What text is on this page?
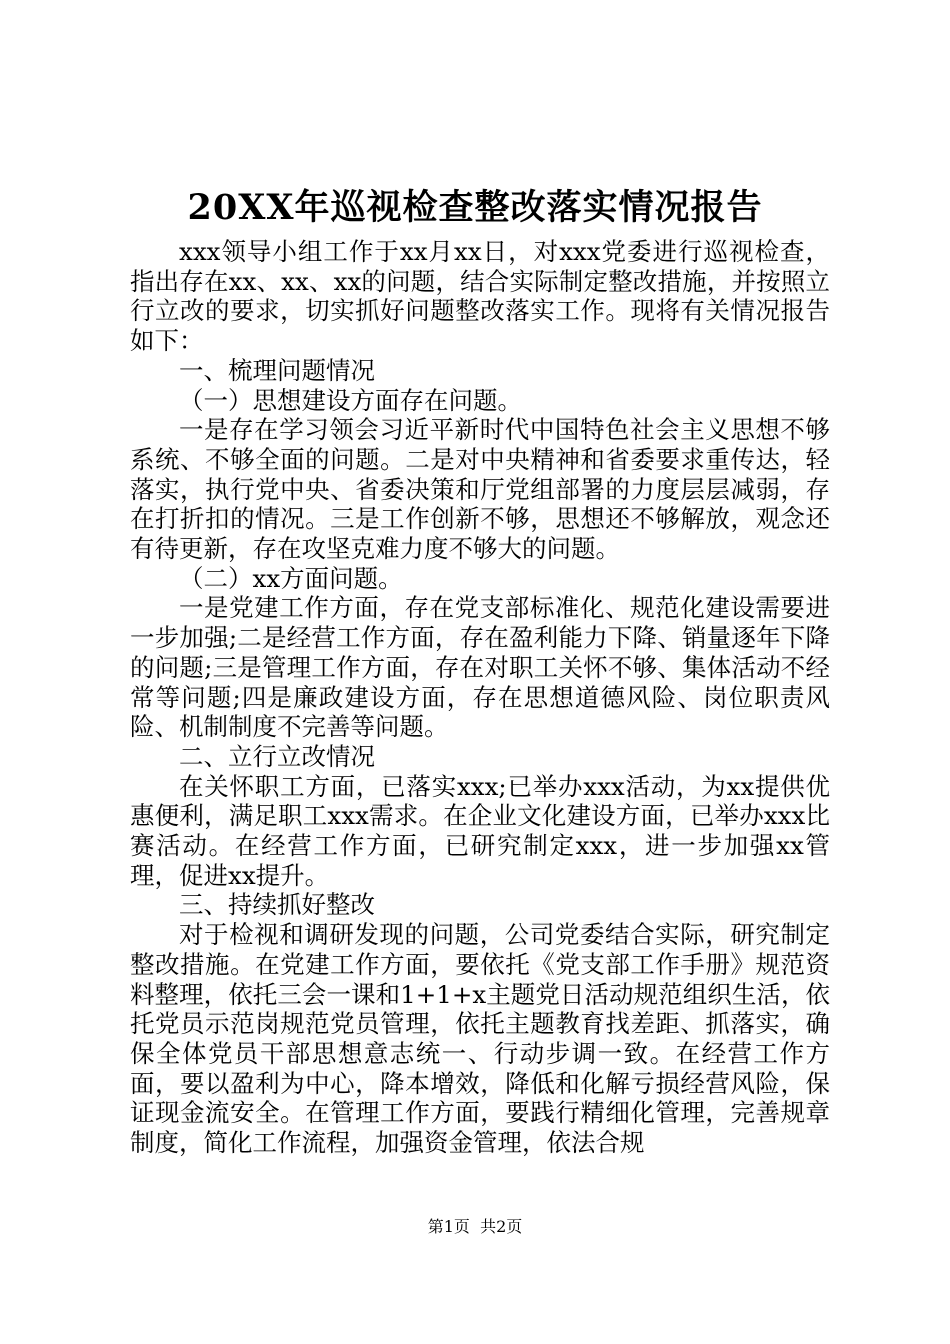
20XX年巡视检查整改落实情况报告

xxx领导小组工作于xx月xx日，对xxx党委进行巡视检查，指出存在xx、xx、xx的问题，结合实际制定整改措施，并按照立行立改的要求，切实抓好问题整改落实工作。现将有关情况报告如下：

一、梳理问题情况

（一）思想建设方面存在问题。

一是存在学习领会习近平新时代中国特色社会主义思想不够系统、不够全面的问题。二是对中央精神和省委要求重传达，轻落实，执行党中央、省委决策和厅党组部署的力度层层减弱，存在打折扣的情况。三是工作创新不够，思想还不够解放，观念还有待更新，存在攻坚克难力度不够大的问题。

（二）xx方面问题。

一是党建工作方面，存在党支部标准化、规范化建设需要进一步加强;二是经营工作方面，存在盈利能力下降、销量逐年下降的问题;三是管理工作方面，存在对职工关怀不够、集体活动不经常等问题;四是廉政建设方面，存在思想道德风险、岗位职责风险、机制制度不完善等问题。

二、立行立改情况

在关怀职工方面，已落实xxx;已举办xxx活动，为xx提供优惠便利，满足职工xxx需求。在企业文化建设方面，已举办xxx比赛活动。在经营工作方面，已研究制定xxx，进一步加强xx管理，促进xx提升。

三、持续抓好整改

对于检视和调研发现的问题，公司党委结合实际，研究制定整改措施。在党建工作方面，要依托《党支部工作手册》规范资料整理，依托三会一课和1+1+x主题党日活动规范组织生活，依托党员示范岗规范党员管理，依托主题教育找差距、抓落实，确保全体党员干部思想意志统一、行动步调一致。在经营工作方面，要以盈利为中心，降本增效，降低和化解亏损经营风险，保证现金流安全。在管理工作方面，要践行精细化管理，完善规章制度，简化工作流程，加强资金管理，依法合规

第1页 共2页
